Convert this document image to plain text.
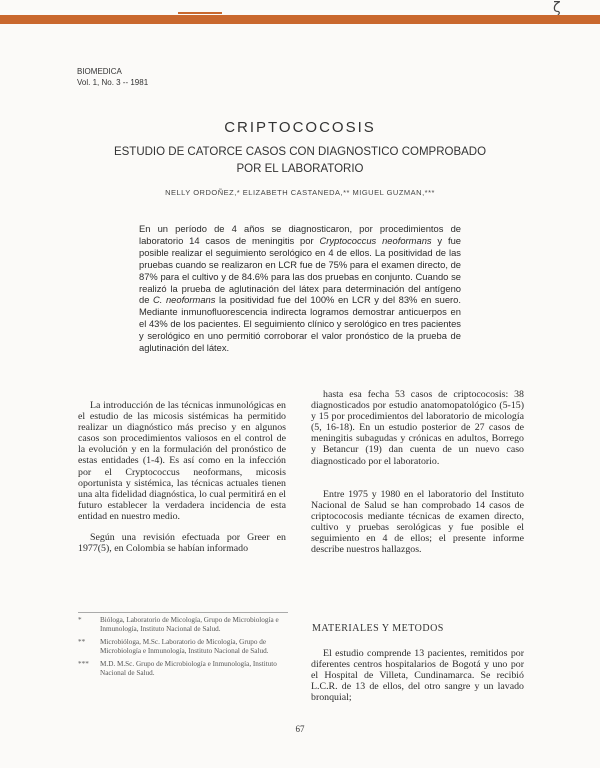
ζ
BIOMEDICA
Vol. 1, No. 3 -- 1981
CRIPTOCOCOSIS
ESTUDIO DE CATORCE CASOS CON DIAGNOSTICO COMPROBADO
POR EL LABORATORIO
NELLY ORDOÑEZ,* ELIZABETH CASTANEDA,** MIGUEL GUZMAN,***
En un período de 4 años se diagnosticaron, por procedimientos de laboratorio 14 casos de meningitis por Cryptococcus neoformans y fue posible realizar el seguimiento serológico en 4 de ellos. La positividad de las pruebas cuando se realizaron en LCR fue de 75% para el examen directo, de 87% para el cultivo y de 84.6% para las dos pruebas en conjunto. Cuando se realizó la prueba de aglutinación del látex para determinación del antígeno de C. neoformans la positividad fue del 100% en LCR y del 83% en suero. Mediante inmunofluorescencia indirecta logramos demostrar anticuerpos en el 43% de los pacientes. El seguimiento clínico y serológico en tres pacientes y serológico en uno permitió corroborar el valor pronóstico de la prueba de aglutinación del látex.

La introducción de las técnicas inmunológicas en el estudio de las micosis sistémicas ha permitido realizar un diagnóstico más preciso y en algunos casos son procedimientos valiosos en el control de la evolución y en la formulación del pronóstico de estas entidades (1-4). Es así como en la infección por el Cryptococcus neoformans, micosis oportunista y sistémica, las técnicas actuales tienen una alta fidelidad diagnóstica, lo cual permitirá en el futuro establecer la verdadera incidencia de esta entidad en nuestro medio.

Según una revisión efectuada por Greer en 1977(5), en Colombia se habían informado

*	Bióloga, Laboratorio de Micología, Grupo de Microbiología e Inmunología, Instituto Nacional de Salud.
** Microbióloga, M.Sc. Laboratorio de Micología, Grupo de Microbiología e Inmunología, Instituto Nacional de Salud.
*** M.D. M.Sc. Grupo de Microbiología e Inmunología, Instituto Nacional de Salud.

hasta esa fecha 53 casos de criptococosis: 38 diagnosticados por estudio anatomopatológico (5-15) y 15 por procedimientos del laboratorio de micología (5, 16-18). En un estudio posterior de 27 casos de meningitis subagudas y crónicas en adultos, Borrego y Betancur (19) dan cuenta de un nuevo caso diagnosticado por el laboratorio.

Entre 1975 y 1980 en el laboratorio del Instituto Nacional de Salud se han comprobado 14 casos de criptococosis mediante técnicas de examen directo, cultivo y pruebas serológicas y fue posible el seguimiento en 4 de ellos; el presente informe describe nuestros hallazgos.

MATERIALES Y METODOS

El estudio comprende 13 pacientes, remitidos por diferentes centros hospitalarios de Bogotá y uno por el Hospital de Villeta, Cundinamarca. Se recibió L.C.R. de 13 de ellos, del otro sangre y un lavado bronquial;

67
